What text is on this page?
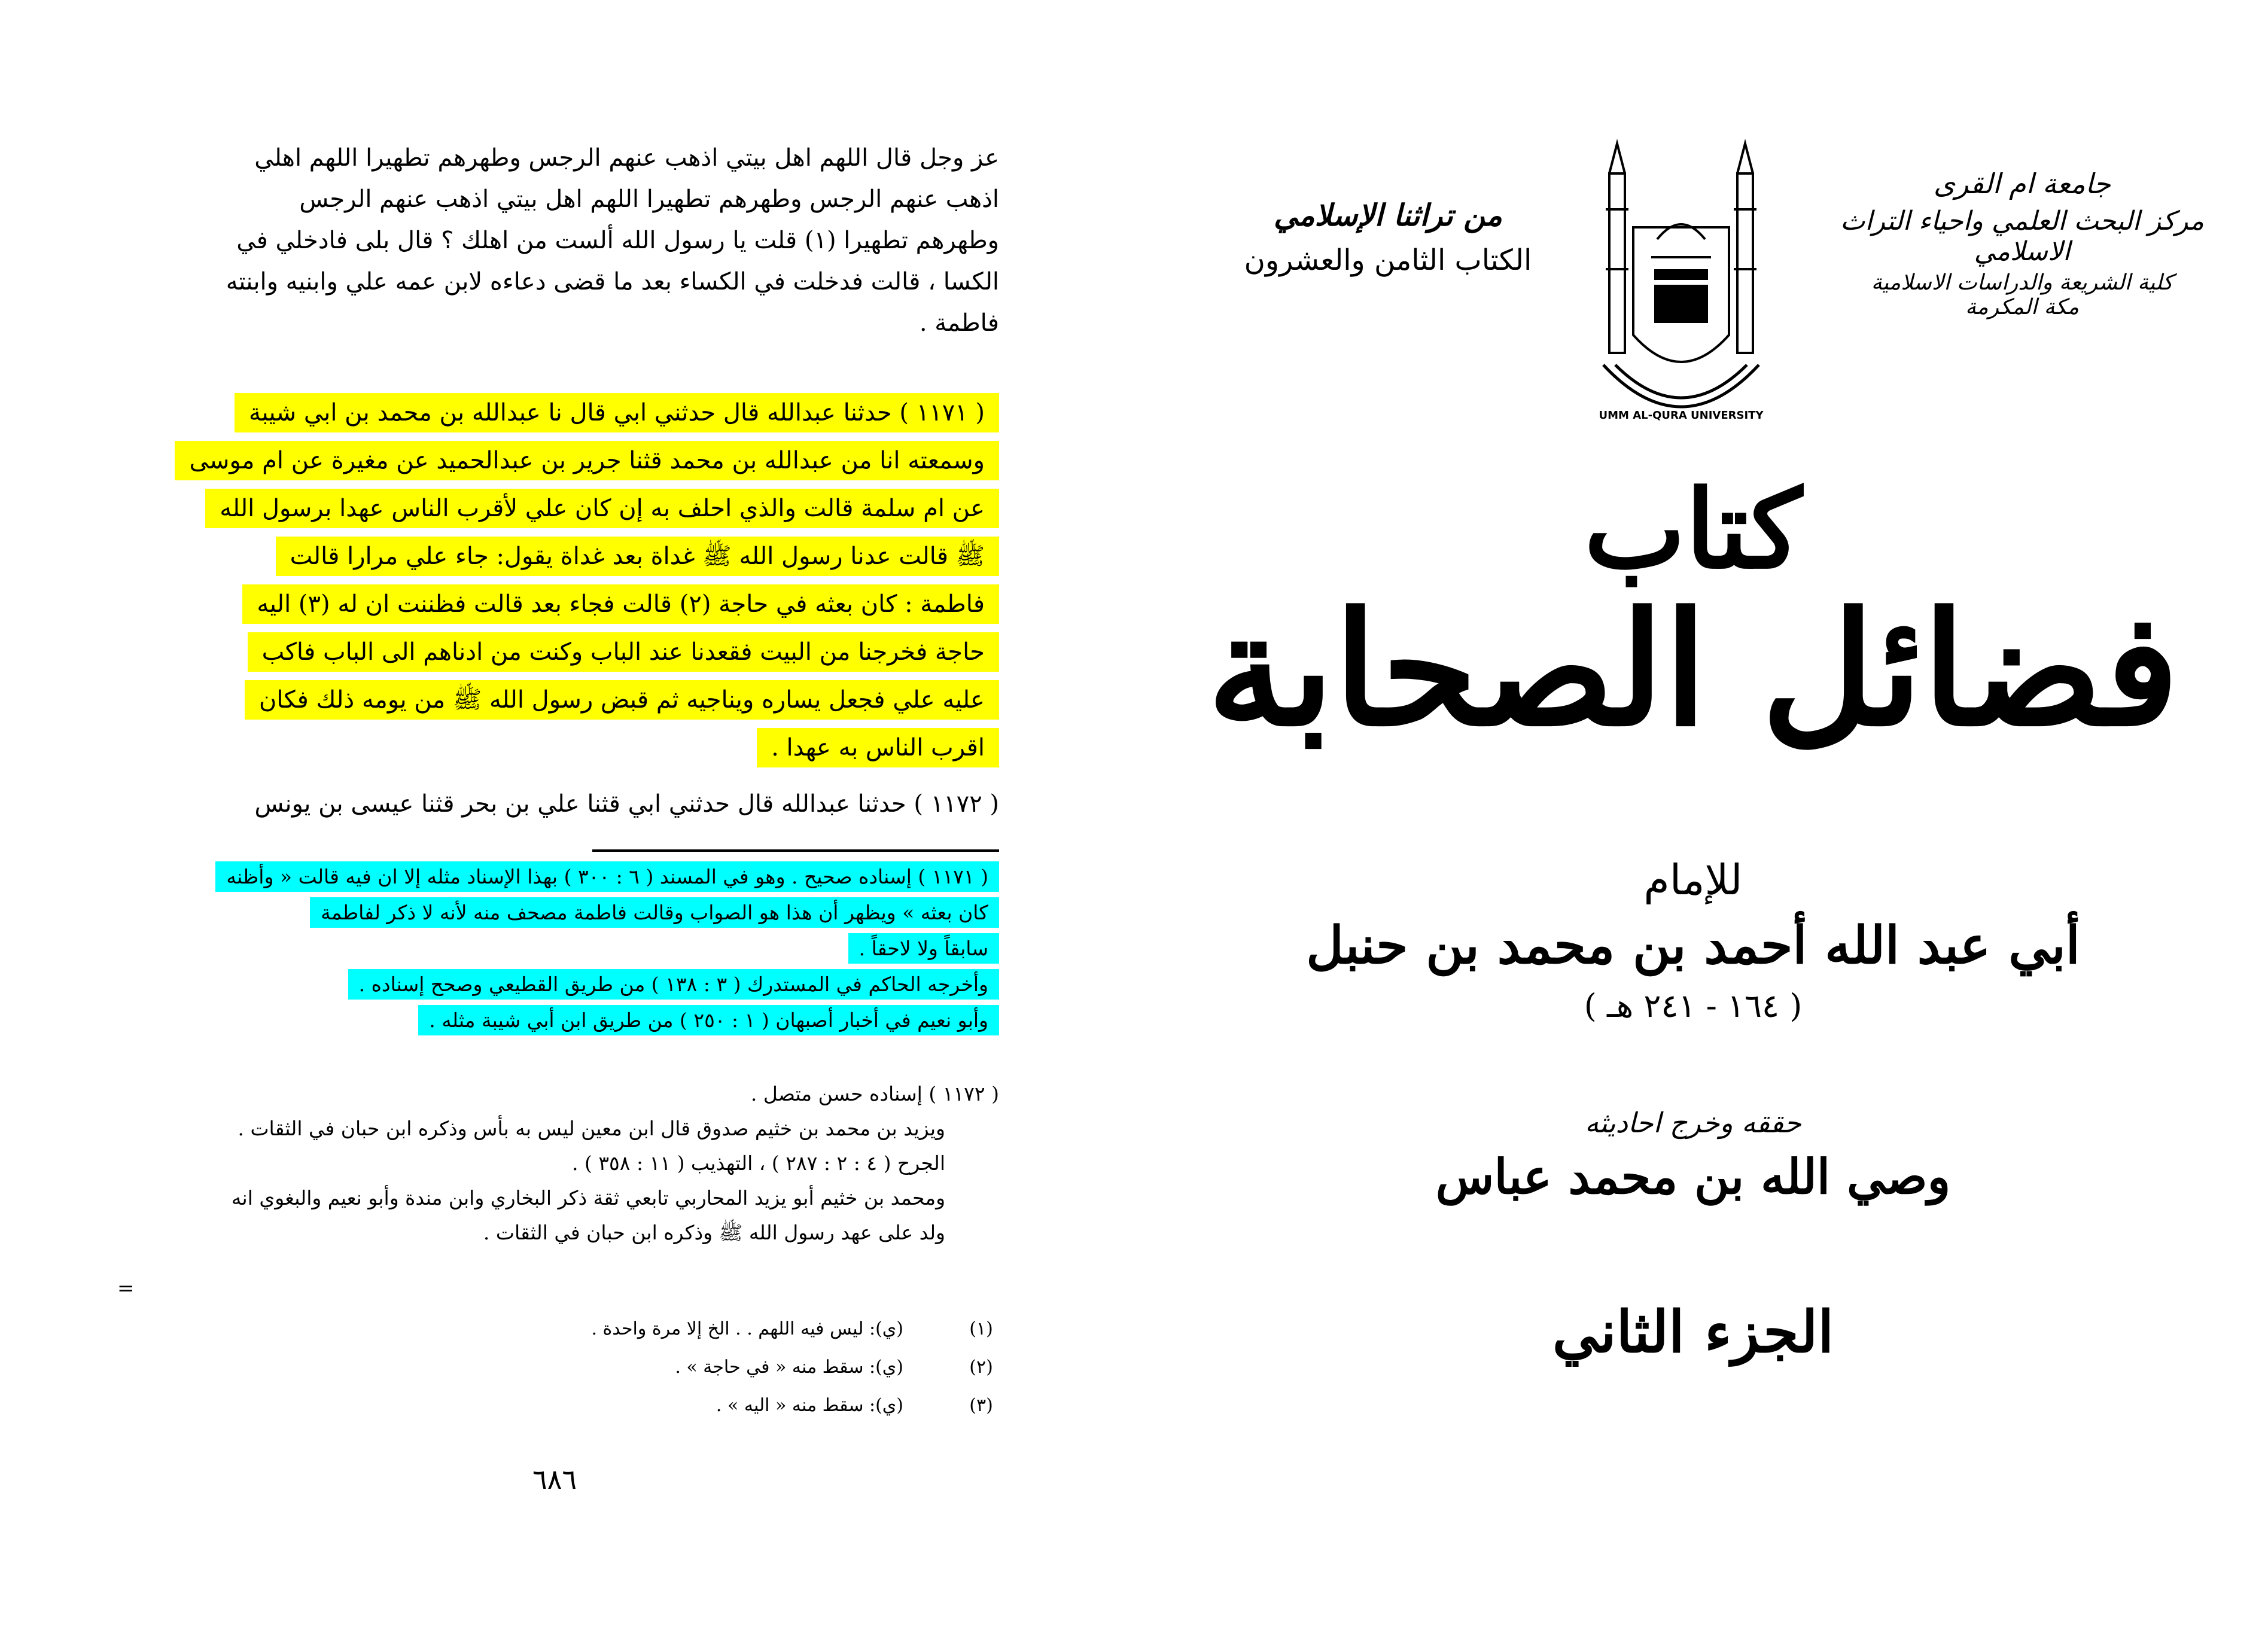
عز وجل قال اللهم اهل بيتي اذهب عنهم الرجس وطهرهم تطهيرا اللهم اهلي
اذهب عنهم الرجس وطهرهم تطهيرا اللهم اهل بيتي اذهب عنهم الرجس
وطهرهم تطهيرا (١) قلت يا رسول الله ألست من اهلك ؟ قال بلى فادخلي في
الكسا ، قالت فدخلت في الكساء بعد ما قضى دعاءه لابن عمه علي وابنيه وابنته
فاطمة .
( ١١٧١ ) حدثنا عبدالله قال حدثني ابي قال نا عبدالله بن محمد بن ابي شيبة
وسمعته انا من عبدالله بن محمد قثنا جرير بن عبدالحميد عن مغيرة عن ام موسى
عن ام سلمة قالت والذي احلف به إن كان علي لأقرب الناس عهدا برسول الله
ﷺ قالت عدنا رسول الله ﷺ غداة بعد غداة يقول: جاء علي مرارا قالت
فاطمة : كان بعثه في حاجة (٢) قالت فجاء بعد قالت فظننت ان له (٣) اليه
حاجة فخرجنا من البيت فقعدنا عند الباب وكنت من ادناهم الى الباب فاكب
عليه علي فجعل يساره ويناجيه ثم قبض رسول الله ﷺ من يومه ذلك فكان
اقرب الناس به عهدا .
( ١١٧٢ ) حدثنا عبدالله قال حدثني ابي قثنا علي بن بحر قثنا عيسى بن يونس
( ١١٧١ ) إسناده صحيح . وهو في المسند ( ٦ : ٣٠٠ ) بهذا الإسناد مثله إلا ان فيه قالت « وأظنه
كان بعثه » ويظهر أن هذا هو الصواب وقالت فاطمة مصحف منه لأنه لا ذكر لفاطمة
سابقاً ولا لاحقاً .
وأخرجه الحاكم في المستدرك ( ٣ : ١٣٨ ) من طريق القطيعي وصحح إسناده .
وأبو نعيم في أخبار أصبهان ( ١ : ٢٥٠ ) من طريق ابن أبي شيبة مثله .
( ١١٧٢ ) إسناده حسن متصل .
ويزيد بن محمد بن خثيم صدوق قال ابن معين ليس به بأس وذكره ابن حبان في الثقات .
الجرح ( ٤ : ٢ : ٢٨٧ ) ، التهذيب ( ١١ : ٣٥٨ ) .
ومحمد بن خثيم أبو يزيد المحاربي تابعي ثقة ذكر البخاري وابن مندة وأبو نعيم والبغوي انه
ولد على عهد رسول الله ﷺ وذكره ابن حبان في الثقات .
(١)
(ي): ليس فيه اللهم . . الخ إلا مرة واحدة .
(٢)
(ي): سقط منه « في حاجة » .
(٣)
(ي): سقط منه « اليه » .
٦٨٦
=
جامعة ام القرى
مركز البحث العلمي واحياء التراث الاسلامي
كلية الشريعة والدراسات الاسلامية
مكة المكرمة
UMM AL-QURA UNIVERSITY
من تراثنا الإسلامي
الكتاب الثامن والعشرون
كتاب
فضائل الصحابة
للإمام
أبي عبد الله أحمد بن محمد بن حنبل
( ١٦٤ - ٢٤١ هـ )
حققه وخرج احاديثه
وصي الله بن محمد عباس
الجزء الثاني
